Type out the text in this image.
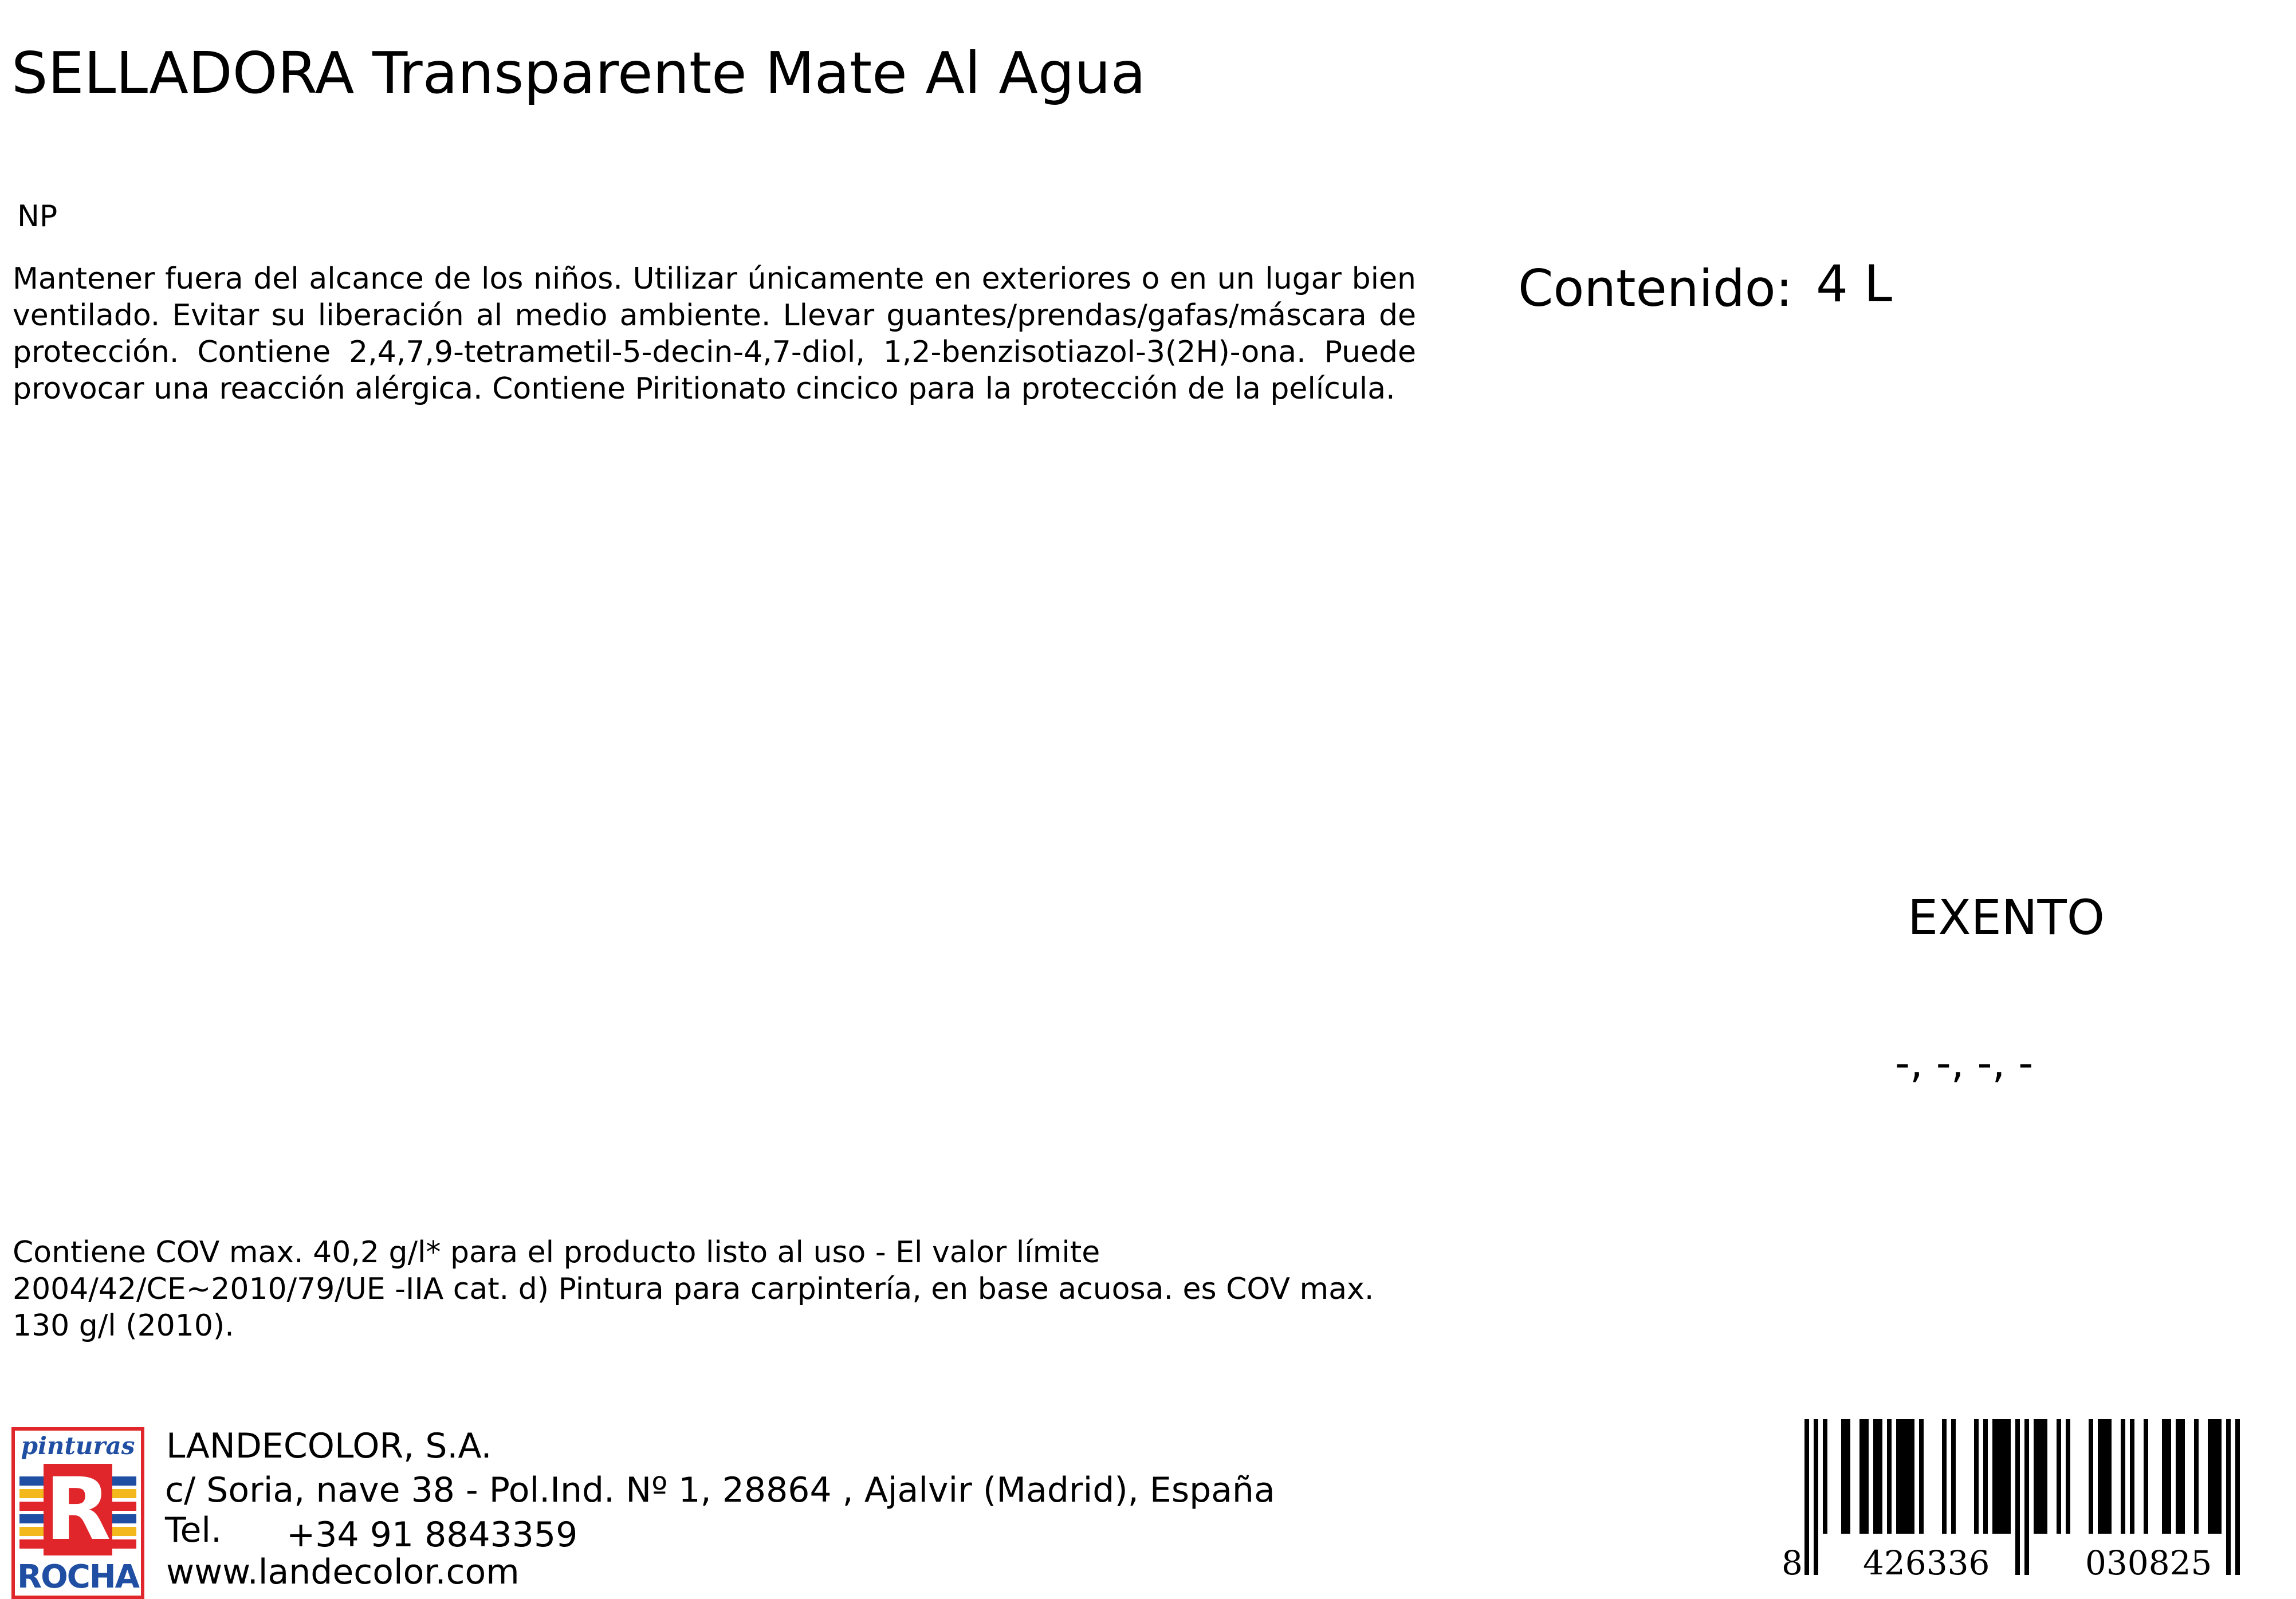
SELLADORA Transparente Mate Al Agua
NP
Mantener fuera del alcance de los niños. Utilizar únicamente en exteriores o en un lugar bien ventilado. Evitar su liberación al medio ambiente. Llevar guantes/prendas/gafas/máscara de protección. Contiene 2,4,7,9-tetrametil-5-decin-4,7-diol, 1,2-benzisotiazol-3(2H)-ona. Puede provocar una reacción alérgica. Contiene Piritionato cincico para la protección de la película.
Contenido: 4 L
EXENTO
-, -, -, -
Contiene COV max. 40,2 g/l* para el producto listo al uso - El valor límite 2004/42/CE~2010/79/UE -IIA cat. d) Pintura para carpintería, en base acuosa. es COV max. 130 g/l (2010).
pinturas
R
ROCHA
LANDECOLOR, S.A.
c/ Soria, nave 38 - Pol.Ind. Nº 1, 28864 , Ajalvir (Madrid), España
Tel. +34 91 8843359
www.landecolor.com	8 426336	030825
